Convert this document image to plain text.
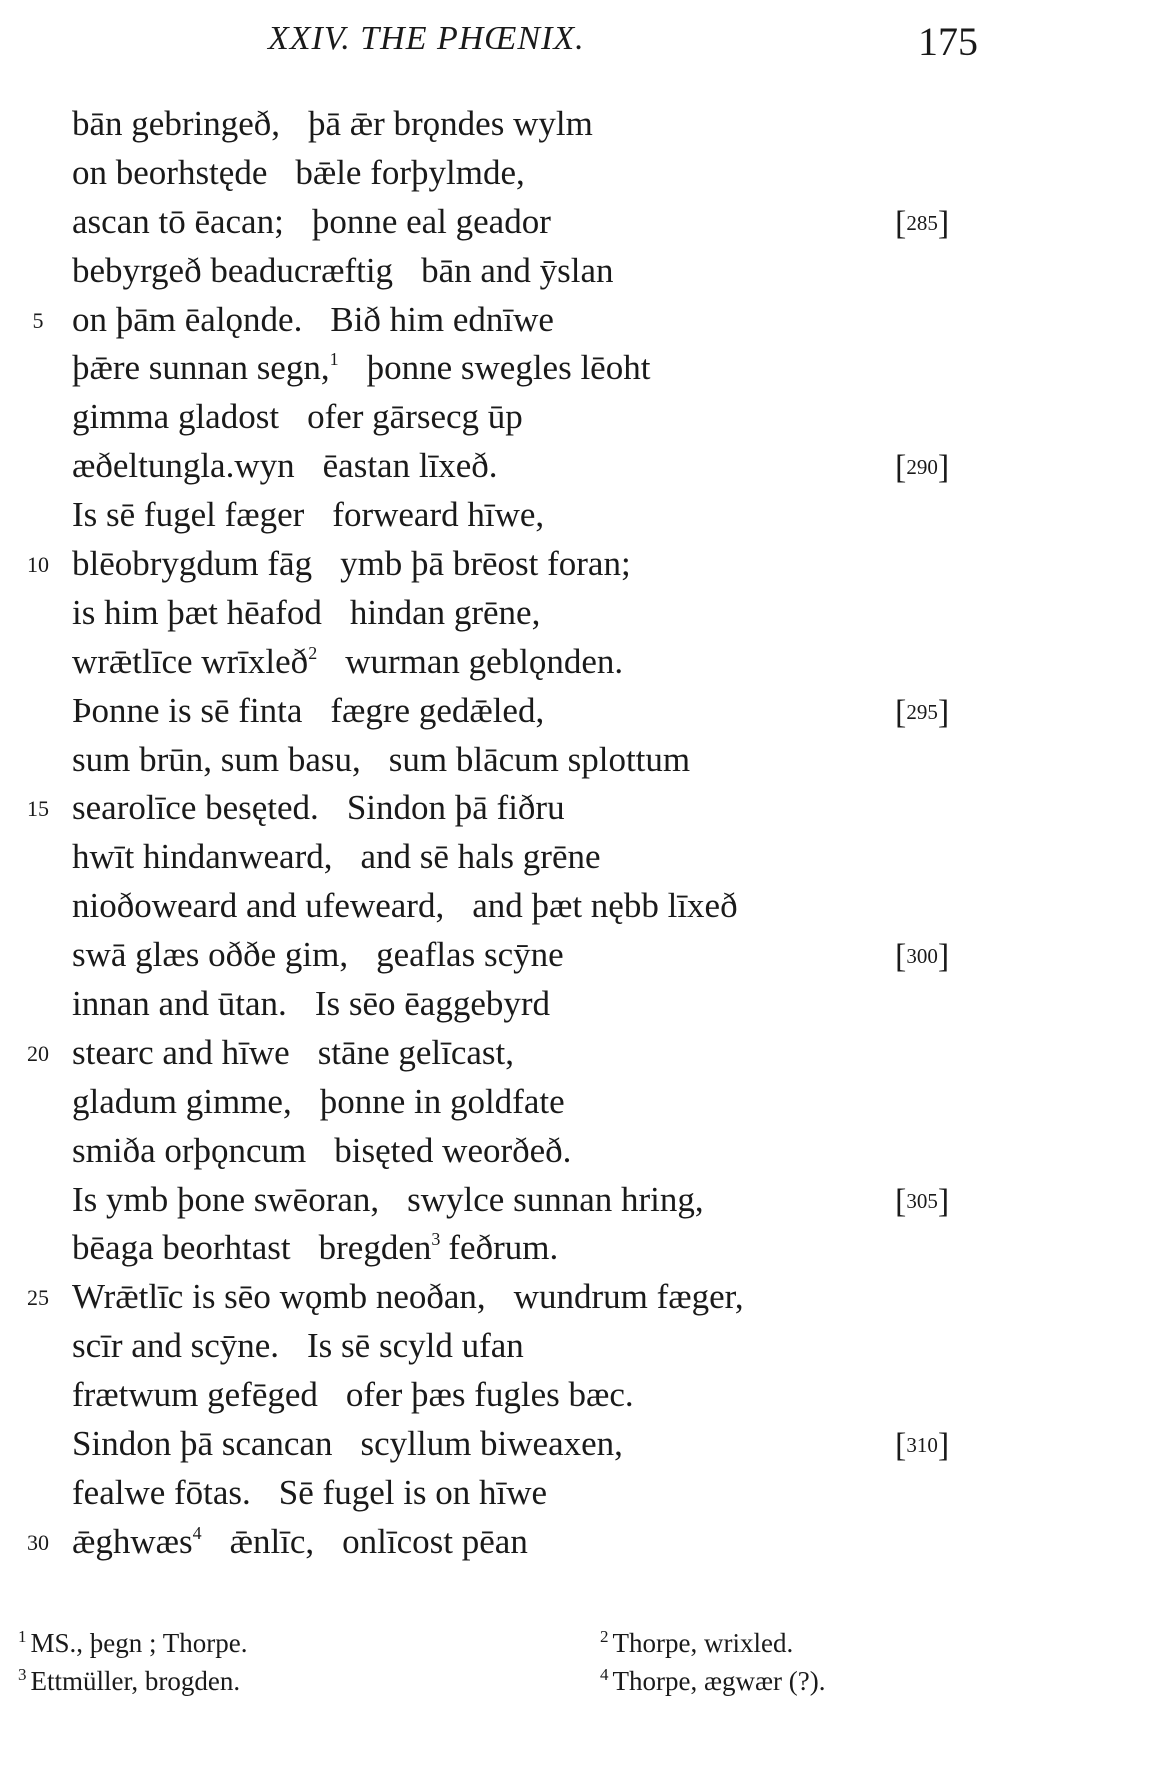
XXIV. THE PHŒNIX.	175
bān gebringeð, þā ǣr brǫndes wylm
on beorhstęde bǣle forþylmde,
ascan tō ēacan; þonne eal geador	[285]
bebyrgeð beaducræftig bān and ȳslan
5 on þām ēalǫnde. Bið him ednīwe
þǣre sunnan segn,$^1$ þonne swegles lēoht
gimma gladost ofer gārsecg ūp
æðeltungla.wyn ēastan līxeð.	[290]
Is sē fugel fæger forweard hīwe,
10 blēobrygdum fāg ymb þā brēost foran;
is him þæt hēafod hindan grēne,
wrǣtlīce wrīxleð$^2$ wurman geblǫnden.
Þonne is sē finta fægre gedǣled,	[295]
sum brūn, sum basu, sum blācum splottum
15 searolīce besęted. Sindon þā fiðru
hwīt hindanweard, and sē hals grēne
nioðoweard and ufeweard, and þæt nębb līxeð
swā glæs oððe gim, geaflas scȳne	[300]
innan and ūtan. Is sēo ēaggebyrd
20 stearc and hīwe stāne gelīcast,
gladum gimme, þonne in goldfate
smiða orþǫncum bisęted weorðeð.
Is ymb þone swēoran, swylce sunnan hring,	[305]
bēaga beorhtast bregden$^3$ feðrum.
25 Wrǣtlīc is sēo wǫmb neoðan, wundrum fæger,
scīr and scȳne. Is sē scyld ufan
frætwum gefēged ofer þæs fugles bæc.
Sindon þā scancan scyllum biweaxen,	[310]
fealwe fōtas. Sē fugel is on hīwe
30 ǣghwæs$^4$ ǣnlīc, onlīcost pēan
$^1$ MS., þegn ; Thorpe.	$^2$ Thorpe, wrixled.
$^3$ Ettmüller, brogden.	$^4$ Thorpe, ægwær (?).
